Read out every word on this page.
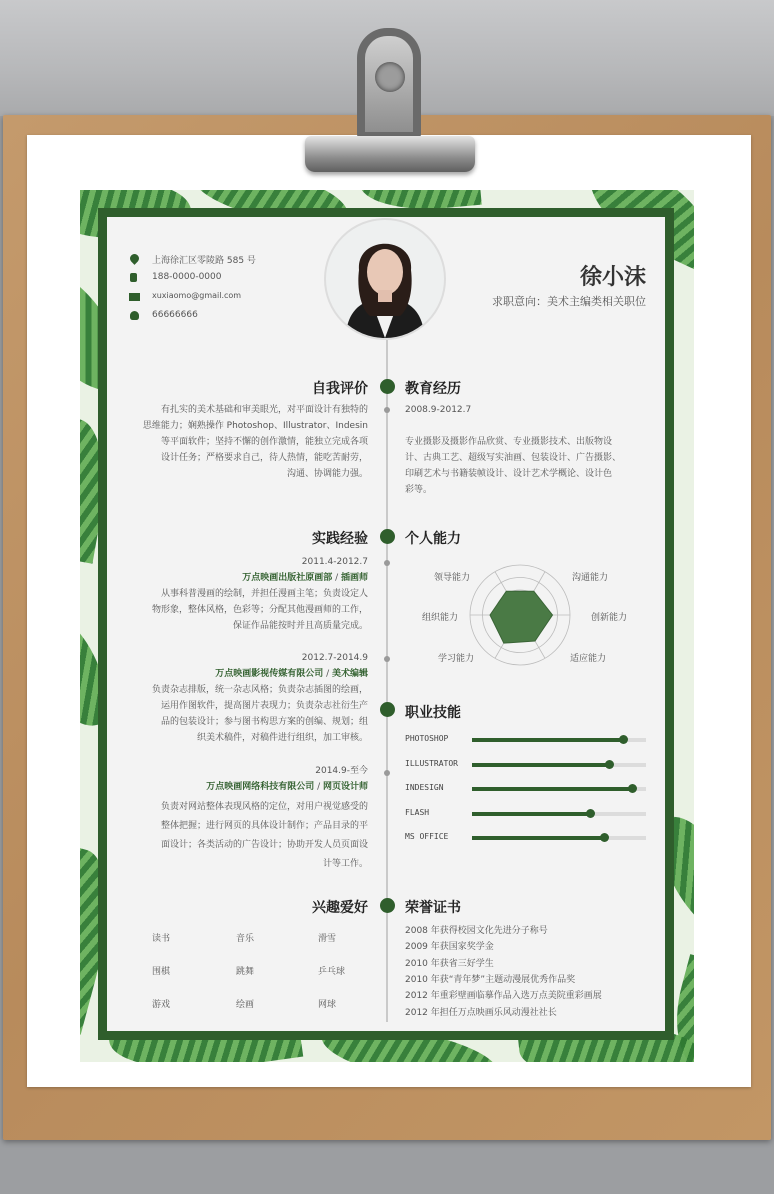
上海徐汇区零陵路 585 号
188-0000-0000
xuxiaomo@gmail.com
66666666
徐小沫
求职意向：美术主编类相关职位
自我评价
有扎实的美术基础和审美眼光，对平面设计有独特的
思维能力；娴熟操作 Photoshop、Illustrator、Indesin
等平面软件；坚持不懈的创作激情，能独立完成各项
设计任务；严格要求自己，待人热情，能吃苦耐劳，
沟通、协调能力强。
教育经历
2008.9-2012.7
专业摄影及摄影作品欣赏、专业摄影技术、出版物设
计、古典工艺、超级写实油画、包装设计、广告摄影、
印刷艺术与书籍装帧设计、设计艺术学概论、设计色
彩等。
实践经验
2011.4-2012.7
万点映画出版社原画部 / 插画师
从事科普漫画的绘制，并担任漫画主笔；负责设定人
物形象，整体风格，色彩等；分配其他漫画师的工作，
保证作品能按时并且高质量完成。
2012.7-2014.9
万点映画影视传媒有限公司 / 美术编辑
负责杂志排版，统一杂志风格；负责杂志插图的绘画，
运用作图软件，提高图片表现力；负责杂志社衍生产
品的包装设计；参与图书构思方案的创编、规划；组
织美术稿件，对稿件进行组织，加工审核。
2014.9-至今
万点映画网络科技有限公司 / 网页设计师
负责对网站整体表现风格的定位，对用户视觉感受的
整体把握；进行网页的具体设计制作；产品目录的平
面设计；各类活动的广告设计；协助开发人员页面设
计等工作。
个人能力
领导能力	沟通能力
创新能力
适应能力
学习能力
组织能力
职业技能
PHOTOSHOP
ILLUSTRATOR
INDESIGN
FLASH
MS OFFICE
兴趣爱好
读书	音乐	滑雪
围棋	跳舞	乒乓球
游戏	绘画	网球
荣誉证书
2008 年获得校园文化先进分子称号
2009 年获国家奖学金
2010 年获省三好学生
2010 年获“青年梦”主题动漫展优秀作品奖
2012 年重彩壁画临摹作品入选万点美院重彩画展
2012 年担任万点映画乐风动漫社社长
